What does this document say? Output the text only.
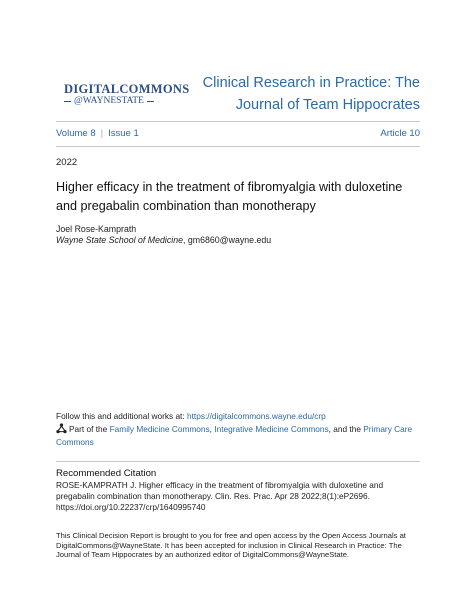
DIGITALCOMMONS
@WAYNESTATE
Clinical Research in Practice: The Journal of Team Hippocrates
Volume 8 | Issue 1	Article 10
2022
Higher efficacy in the treatment of fibromyalgia with duloxetine and pregabalin combination than monotherapy
Joel Rose-Kamprath
Wayne State School of Medicine, gm6860@wayne.edu
Follow this and additional works at: https://digitalcommons.wayne.edu/crp
Part of the Family Medicine Commons, Integrative Medicine Commons, and the Primary Care Commons
Recommended Citation
ROSE-KAMPRATH J. Higher efficacy in the treatment of fibromyalgia with duloxetine and pregabalin combination than monotherapy. Clin. Res. Prac. Apr 28 2022;8(1):eP2696. https://doi.org/10.22237/crp/1640995740
This Clinical Decision Report is brought to you for free and open access by the Open Access Journals at DigitalCommons@WayneState. It has been accepted for inclusion in Clinical Research in Practice: The Journal of Team Hippocrates by an authorized editor of DigitalCommons@WayneState.
